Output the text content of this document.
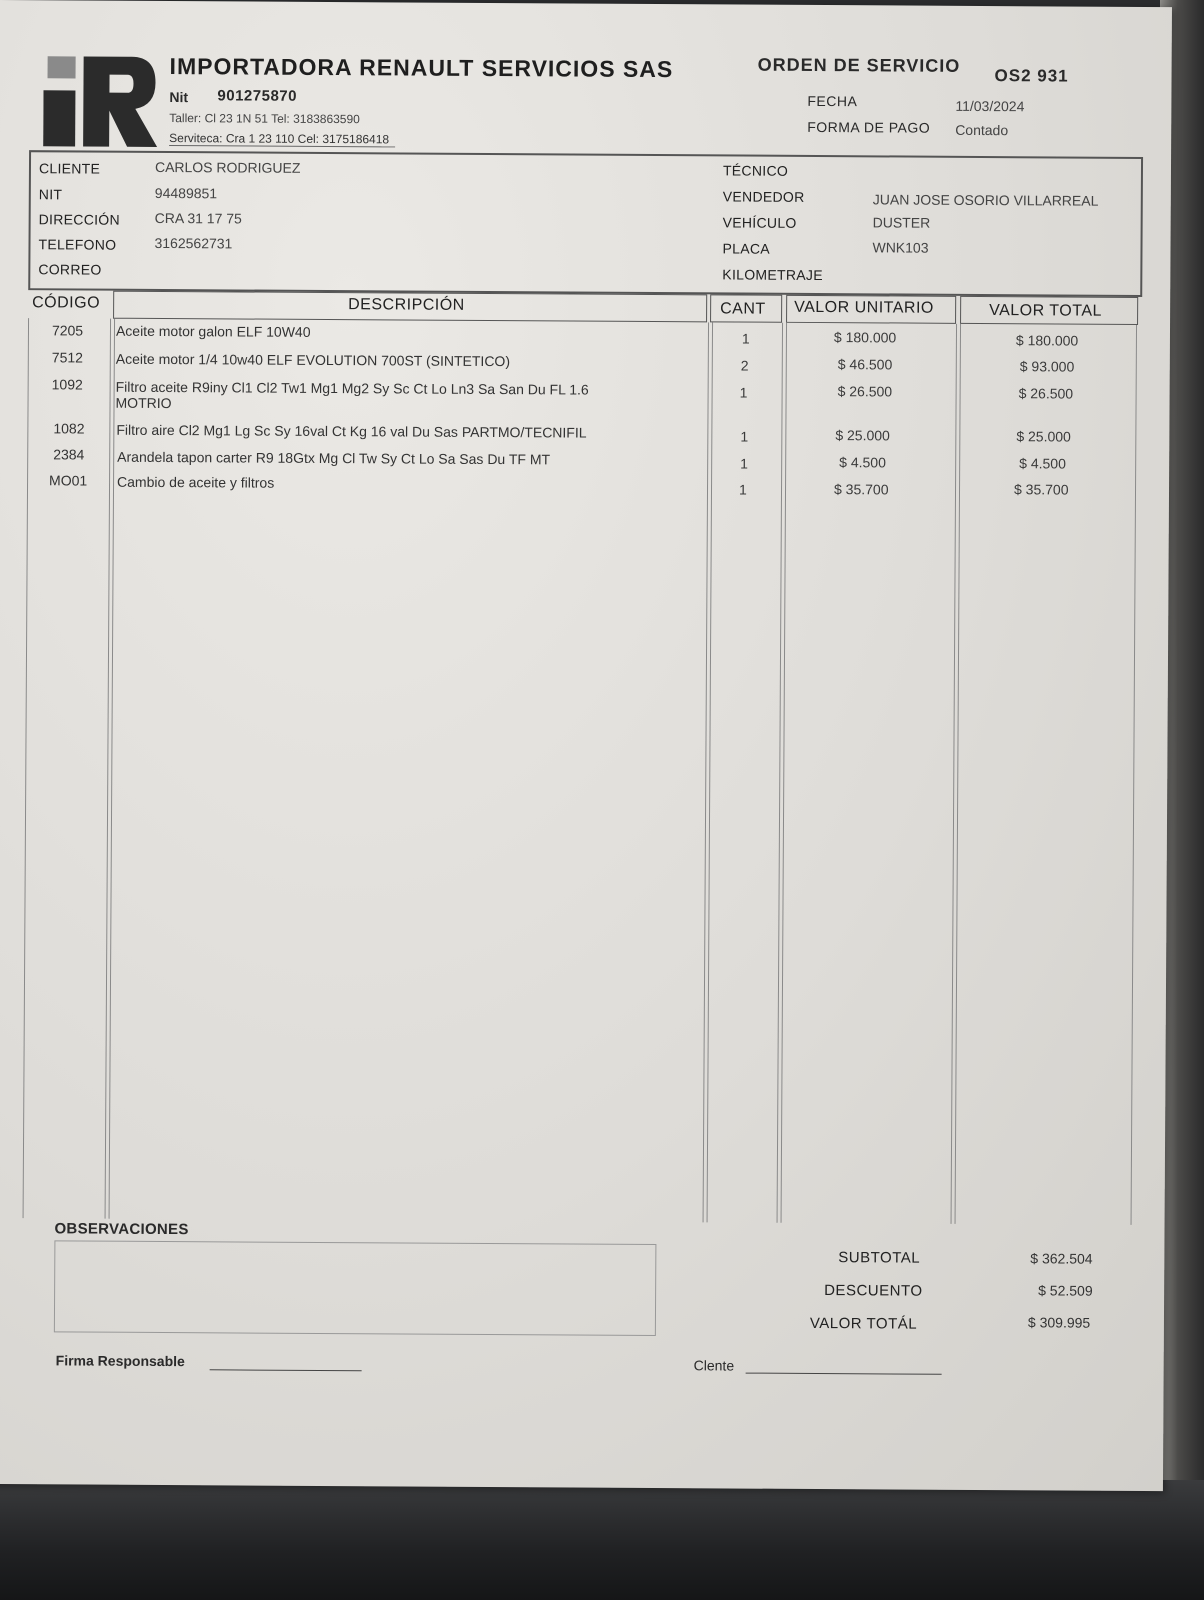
IMPORTADORA RENAULT SERVICIOS SAS
Nit 901275870
Taller: Cl 23 1N 51 Tel: 3183863590
Serviteca: Cra 1 23 110 Cel: 3175186418
ORDEN DE SERVICIO OS2 931
FECHA	11/03/2024
FORMA DE PAGO Contado
CLIENTE	CARLOS RODRIGUEZ
NIT	94489851
DIRECCIÓN CRA 31 17 75
TELEFONO	3162562731
CORREO
TÉCNICO
VENDEDOR	JUAN JOSE OSORIO VILLARREAL
VEHÍCULO	DUSTER
PLACA	WNK103
KILOMETRAJE
CÓDIGO	DESCRIPCIÓN	CANT VALOR UNITARIO	VALOR TOTAL
7205 Aceite motor galon ELF 10W40	1	$ 180.000	$ 180.000
7512 Aceite motor 1/4 10w40 ELF EVOLUTION 700ST (SINTETICO)	2	$ 46.500	$ 93.000
1092 Filtro aceite R9iny Cl1 Cl2 Tw1 Mg1 Mg2 Sy Sc Ct Lo Ln3 Sa San Du FL 1.6
MOTRIO
1	$ 26.500	$ 26.500
1082 Filtro aire Cl2 Mg1 Lg Sc Sy 16val Ct Kg 16 val Du Sas PARTMO/TECNIFIL	1	$ 25.000	$ 25.000
2384 Arandela tapon carter R9 18Gtx Mg Cl Tw Sy Ct Lo Sa Sas Du TF MT	1	$ 4.500	$ 4.500
MO01 Cambio de aceite y filtros	1	$ 35.700	$ 35.700
OBSERVACIONES
SUBTOTAL	$ 362.504
DESCUENTO	$ 52.509
VALOR TOTÁL	$ 309.995
Firma Responsable	Clente
